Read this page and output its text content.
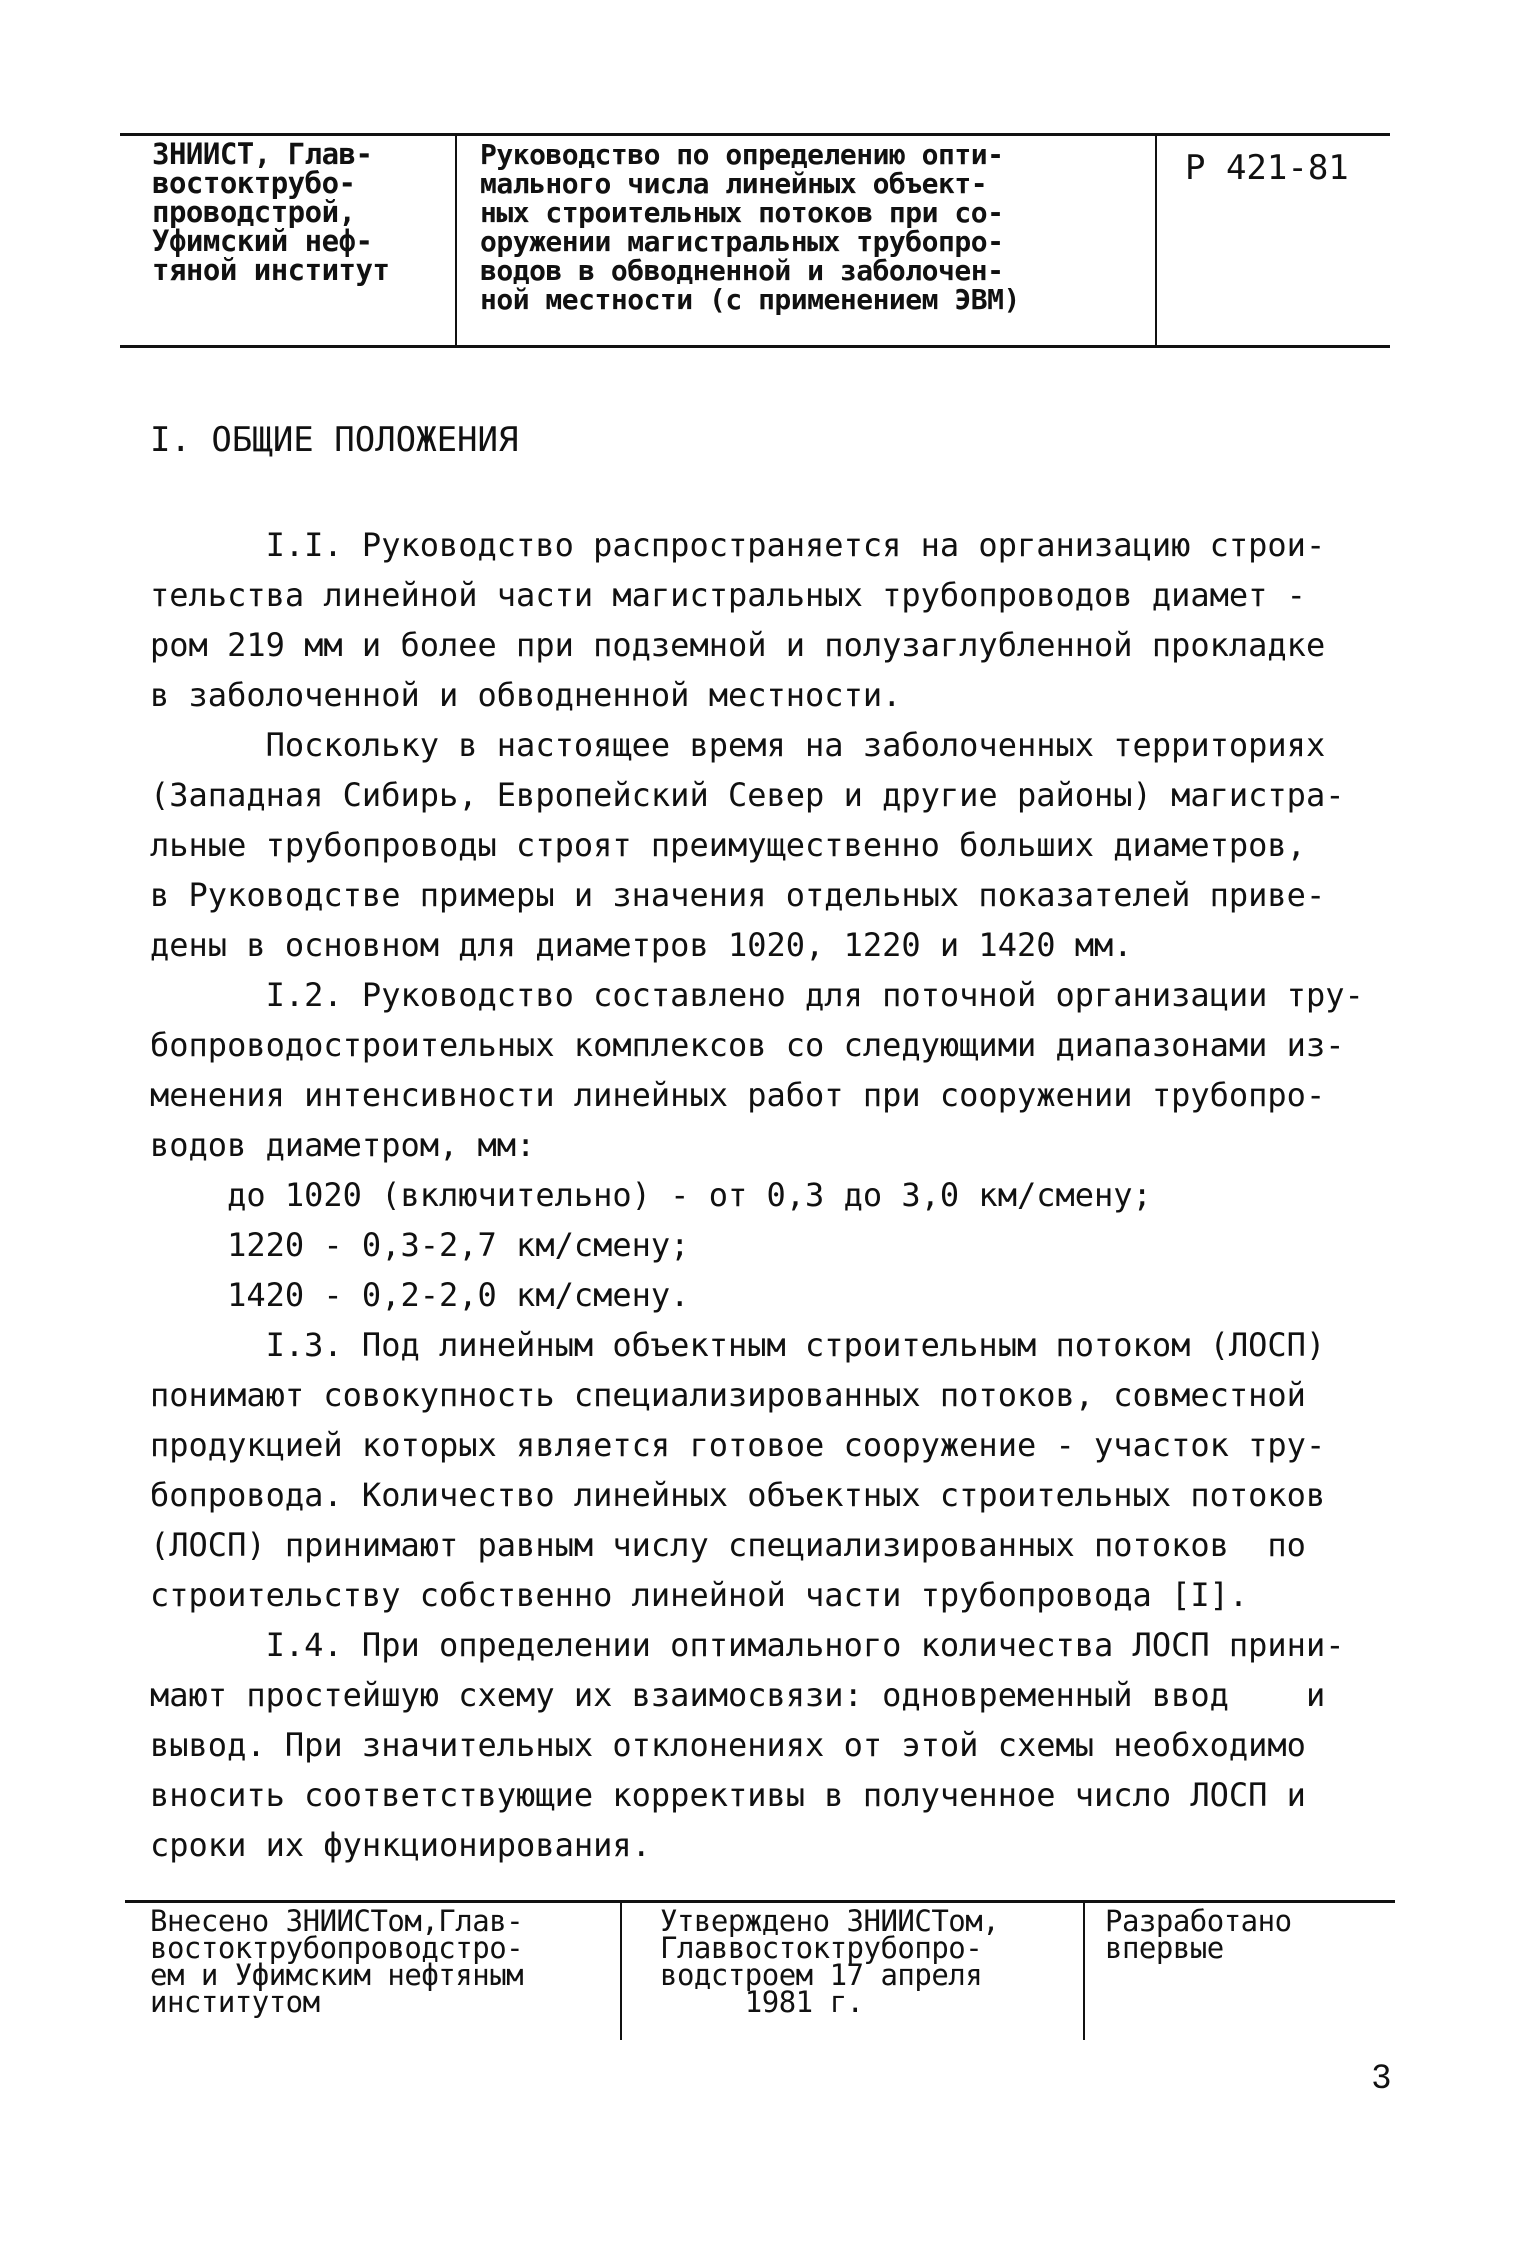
ЗНИИСТ, Глав-
востоктрубо-
проводстрой,
Уфимский неф-
тяной институт
Руководство по определению опти-
мального числа линейных объект-
ных строительных потоков при со-
оружении магистральных трубопро-
водов в обводненной и заболочен-
ной местности (с применением ЭВМ)
Р 421-81
I. ОБЩИЕ ПОЛОЖЕНИЯ
I.I. Руководство распространяется на организацию строи-
тельства линейной части магистральных трубопроводов диамет -
ром 219 мм и более при подземной и полузаглубленной прокладке
в заболоченной и обводненной местности.
Поскольку в настоящее время на заболоченных территориях
(Западная Сибирь, Европейский Север и другие районы) магистра-
льные трубопроводы строят преимущественно больших диаметров,
в Руководстве примеры и значения отдельных показателей приве-
дены в основном для диаметров 1020, 1220 и 1420 мм.
I.2. Руководство составлено для поточной организации тру-
бопроводостроительных комплексов со следующими диапазонами из-
менения интенсивности линейных работ при сооружении трубопро-
водов диаметром, мм:
до 1020 (включительно) - от 0,3 до 3,0 км/смену;
1220 - 0,3-2,7 км/смену;
1420 - 0,2-2,0 км/смену.
I.3. Под линейным объектным строительным потоком (ЛОСП)
понимают совокупность специализированных потоков, совместной
продукцией которых является готовое сооружение - участок тру-
бопровода. Количество линейных объектных строительных потоков
(ЛОСП) принимают равным числу специализированных потоков  по
строительству собственно линейной части трубопровода [I].
I.4. При определении оптимального количества ЛОСП прини-
мают простейшую схему их взаимосвязи: одновременный ввод    и
вывод. При значительных отклонениях от этой схемы необходимо
вносить соответствующие коррективы в полученное число ЛОСП и
сроки их функционирования.
Внесено ЗНИИСТом,Глав-
востоктрубопроводстро-
ем и Уфимским нефтяным
институтом
Утверждено ЗНИИСТом,
Главвостоктрубопро-
водстроем 17 апреля
1981 г.
Разработано
впервые
3
